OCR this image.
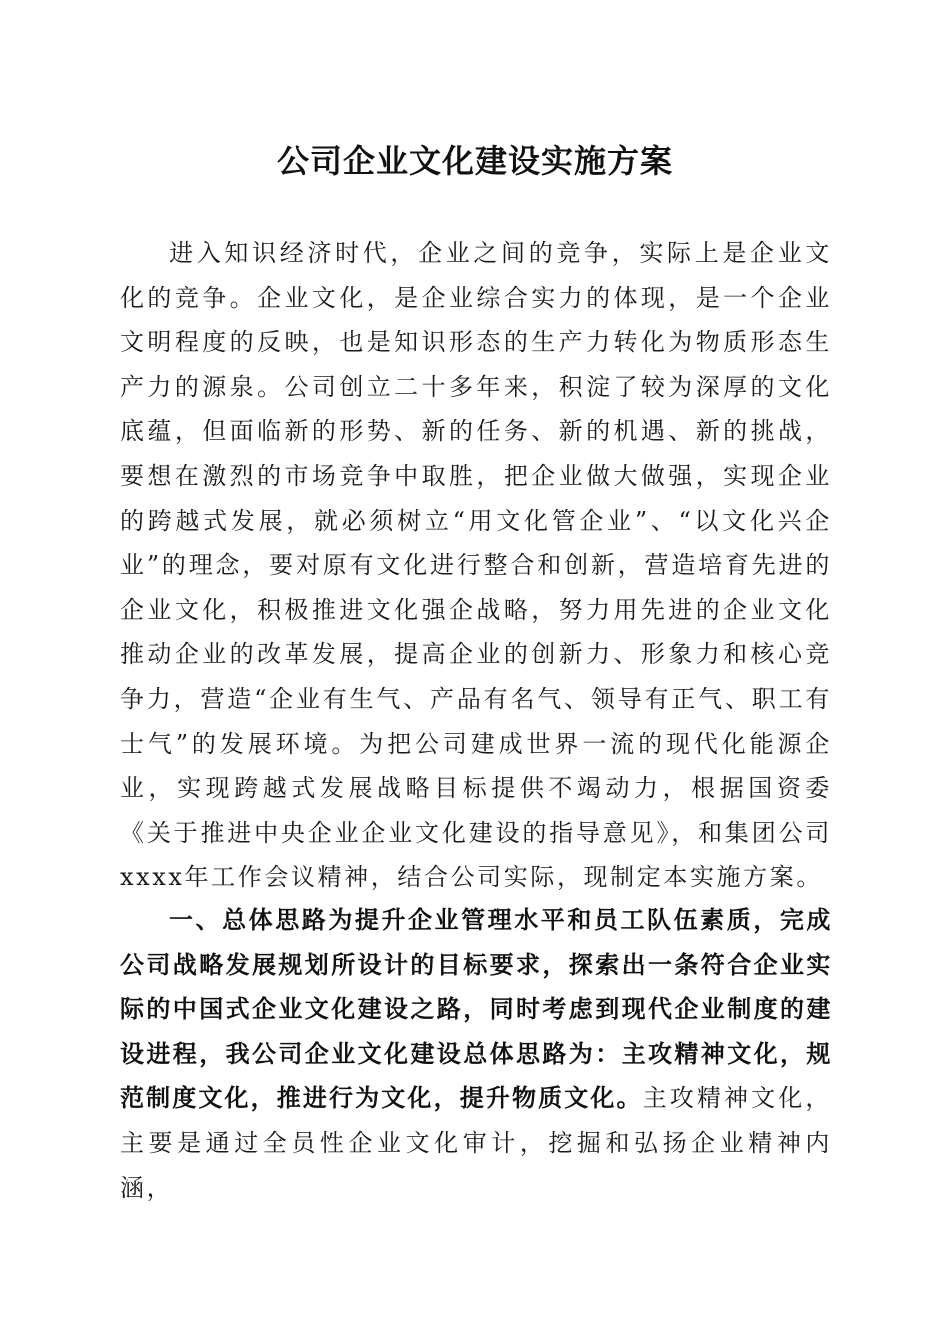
公司企业文化建设实施方案

进入知识经济时代，企业之间的竞争，实际上是企业文化的竞争。企业文化，是企业综合实力的体现，是一个企业文明程度的反映，也是知识形态的生产力转化为物质形态生产力的源泉。公司创立二十多年来，积淀了较为深厚的文化底蕴，但面临新的形势、新的任务、新的机遇、新的挑战，要想在激烈的市场竞争中取胜，把企业做大做强，实现企业的跨越式发展，就必须树立“用文化管企业”、“以文化兴企业”的理念，要对原有文化进行整合和创新，营造培育先进的企业文化，积极推进文化强企战略，努力用先进的企业文化推动企业的改革发展，提高企业的创新力、形象力和核心竞争力，营造“企业有生气、产品有名气、领导有正气、职工有士气”的发展环境。为把公司建成世界一流的现代化能源企业，实现跨越式发展战略目标提供不竭动力，根据国资委《关于推进中央企业企业文化建设的指导意见》，和集团公司xxxx年工作会议精神，结合公司实际，现制定本实施方案。

一、总体思路为提升企业管理水平和员工队伍素质，完成公司战略发展规划所设计的目标要求，探索出一条符合企业实际的中国式企业文化建设之路，同时考虑到现代企业制度的建设进程，我公司企业文化建设总体思路为：主攻精神文化，规范制度文化，推进行为文化，提升物质文化。主攻精神文化，主要是通过全员性企业文化审计，挖掘和弘扬企业精神内涵，
